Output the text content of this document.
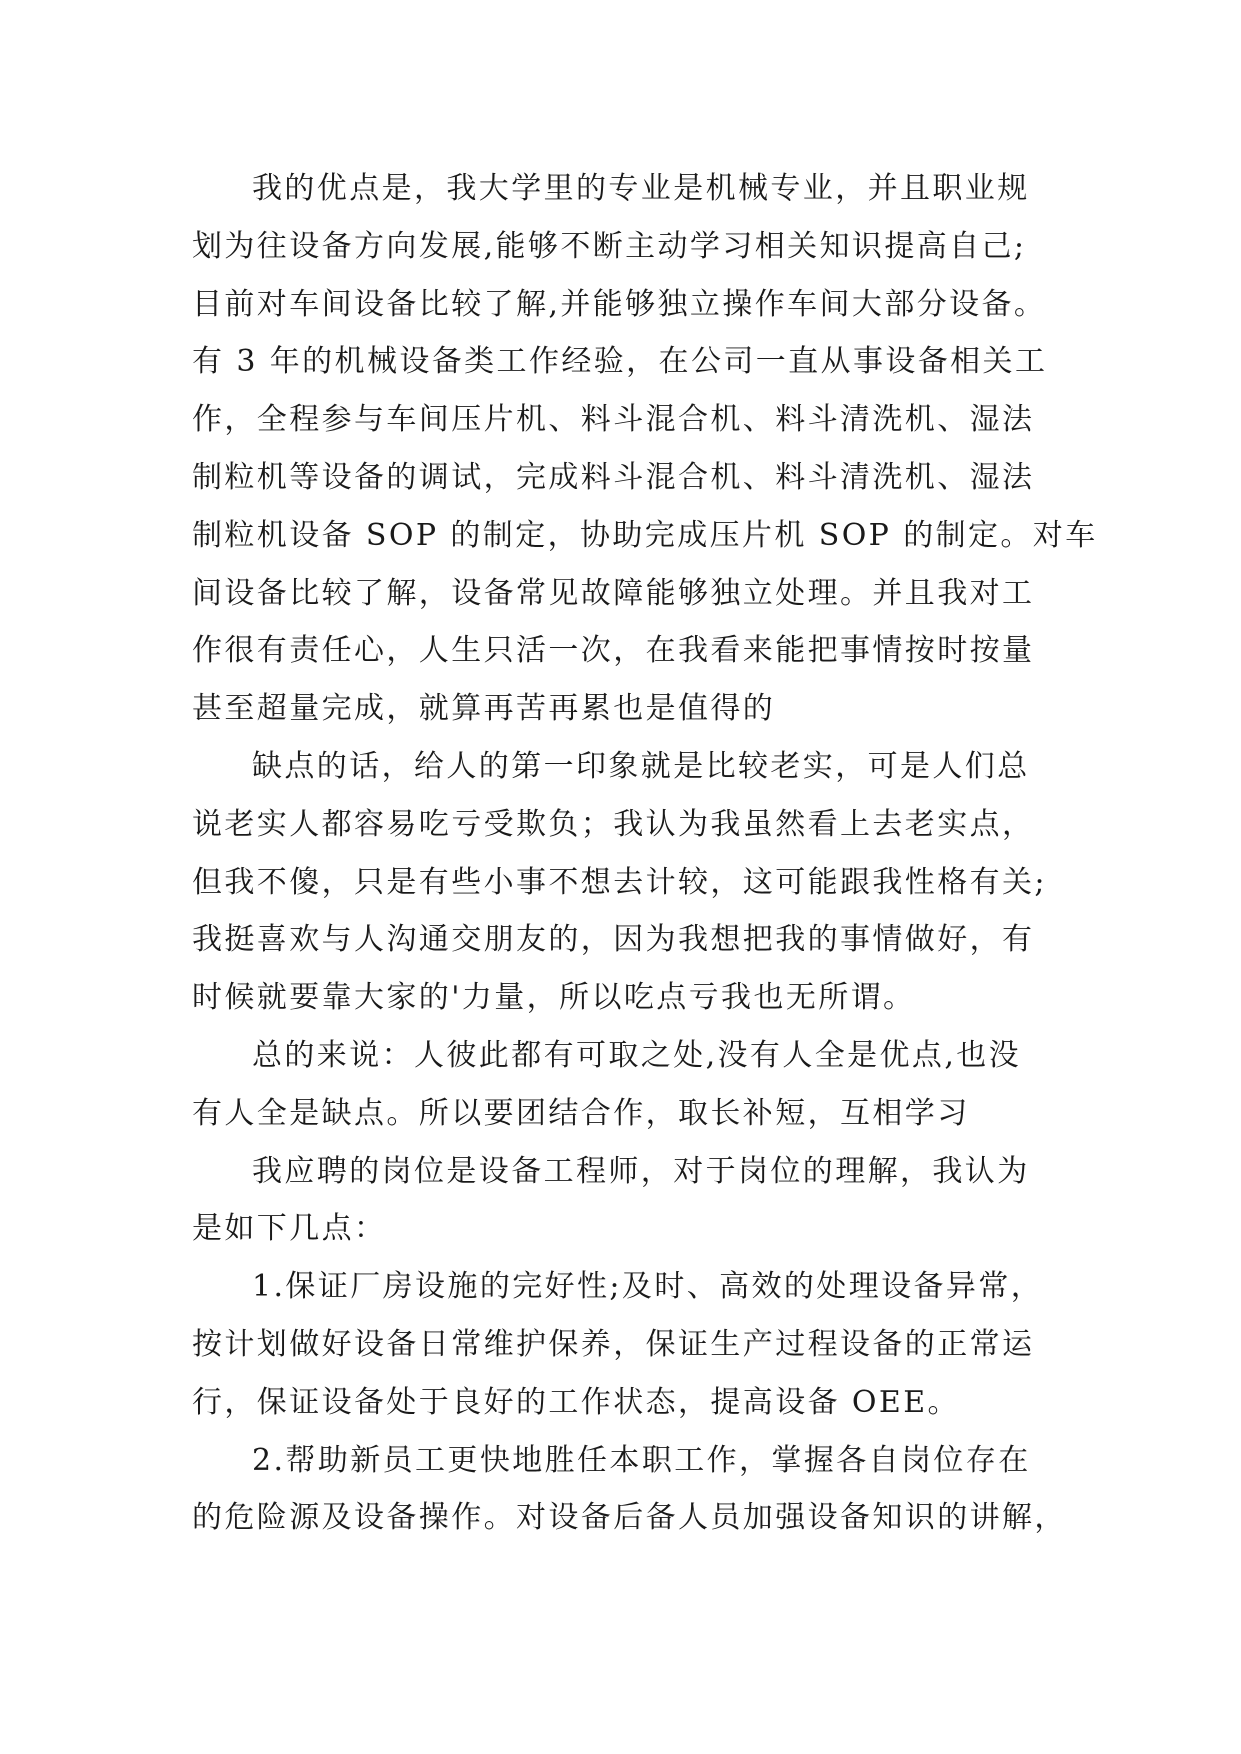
我的优点是，我大学里的专业是机械专业，并且职业规
划为往设备方向发展,能够不断主动学习相关知识提高自己;
目前对车间设备比较了解,并能够独立操作车间大部分设备。
有 3 年的机械设备类工作经验，在公司一直从事设备相关工
作，全程参与车间压片机、料斗混合机、料斗清洗机、湿法
制粒机等设备的调试，完成料斗混合机、料斗清洗机、湿法
制粒机设备 SOP 的制定，协助完成压片机 SOP 的制定。对车
间设备比较了解，设备常见故障能够独立处理。并且我对工
作很有责任心，人生只活一次，在我看来能把事情按时按量
甚至超量完成，就算再苦再累也是值得的
缺点的话，给人的第一印象就是比较老实，可是人们总
说老实人都容易吃亏受欺负；我认为我虽然看上去老实点，
但我不傻，只是有些小事不想去计较，这可能跟我性格有关;
我挺喜欢与人沟通交朋友的，因为我想把我的事情做好，有
时候就要靠大家的'力量，所以吃点亏我也无所谓。
总的来说：人彼此都有可取之处,没有人全是优点,也没
有人全是缺点。所以要团结合作，取长补短，互相学习
我应聘的岗位是设备工程师，对于岗位的理解，我认为
是如下几点：
1.保证厂房设施的完好性;及时、高效的处理设备异常，
按计划做好设备日常维护保养，保证生产过程设备的正常运
行，保证设备处于良好的工作状态，提高设备 OEE。
2.帮助新员工更快地胜任本职工作，掌握各自岗位存在
的危险源及设备操作。对设备后备人员加强设备知识的讲解，
